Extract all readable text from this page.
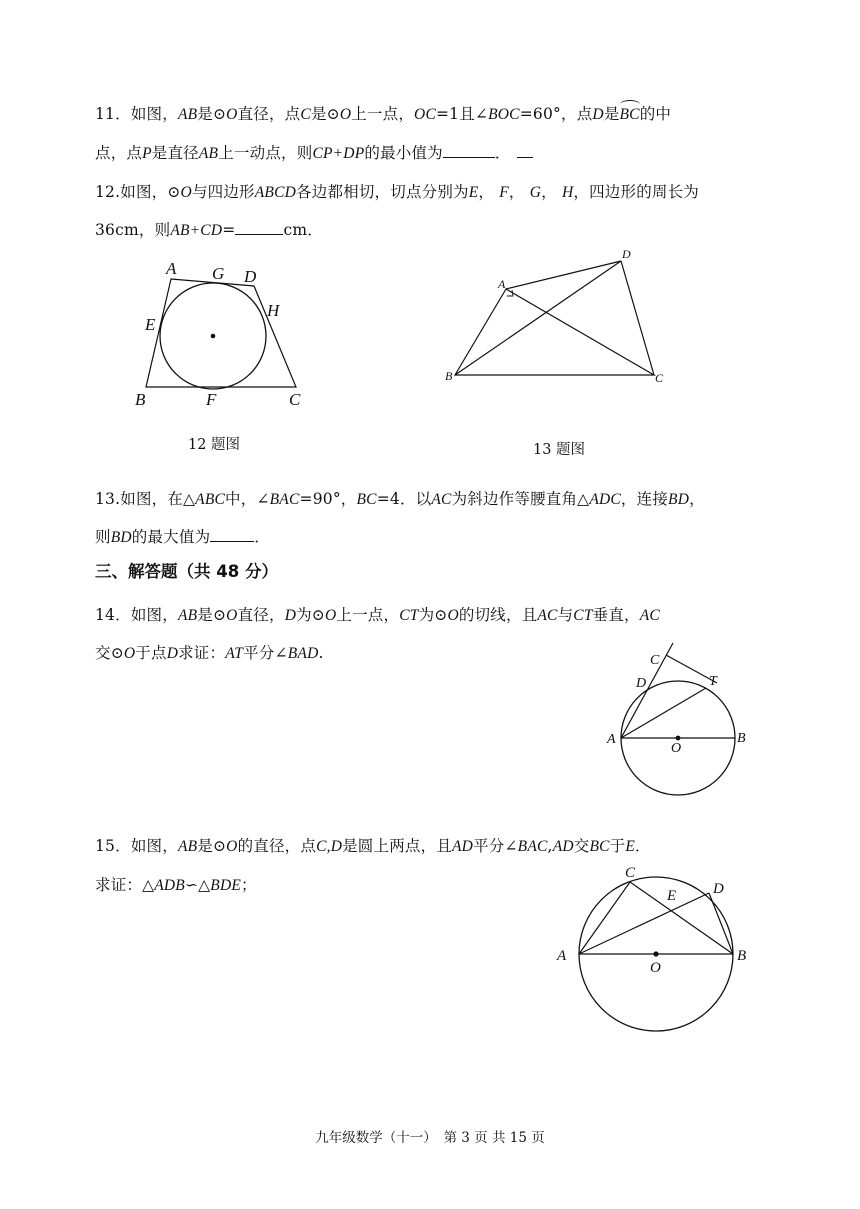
11．如图，AB是⊙O直径，点C是⊙O上一点，OC=1且∠BOC=60°，点D是
BC的中
点，点P是直径AB上一动点，则CP+DP的最小值为	．
12.如图，⊙O与四边形ABCD各边都相切，切点分别为E， F， G， H，四边形的周长为
36cm，则AB+CD=	cm．
A G D
E
H
B	F	C
12 题图
A
D
B	C
13 题图
13.如图，在△ABC中，∠BAC=90°，BC=4．以AC为斜边作等腰直角△ADC，连接BD，
则BD的最大值为	．
三、解答题（共 48 分）
14．如图，AB是⊙O直径，D为⊙O上一点，CT为⊙O的切线，且AC与CT垂直，AC
交⊙O于点D求证：AT平分∠BAD.	C
D	T
A
O
B
15．如图，AB是⊙O的直径，点C,D是圆上两点，且AD平分∠BAC,AD交BC于E．
求证：△ADB∽△BDE；
C
D
E
A
O
B
九年级数学（十一）　第 3 页 共 15 页
